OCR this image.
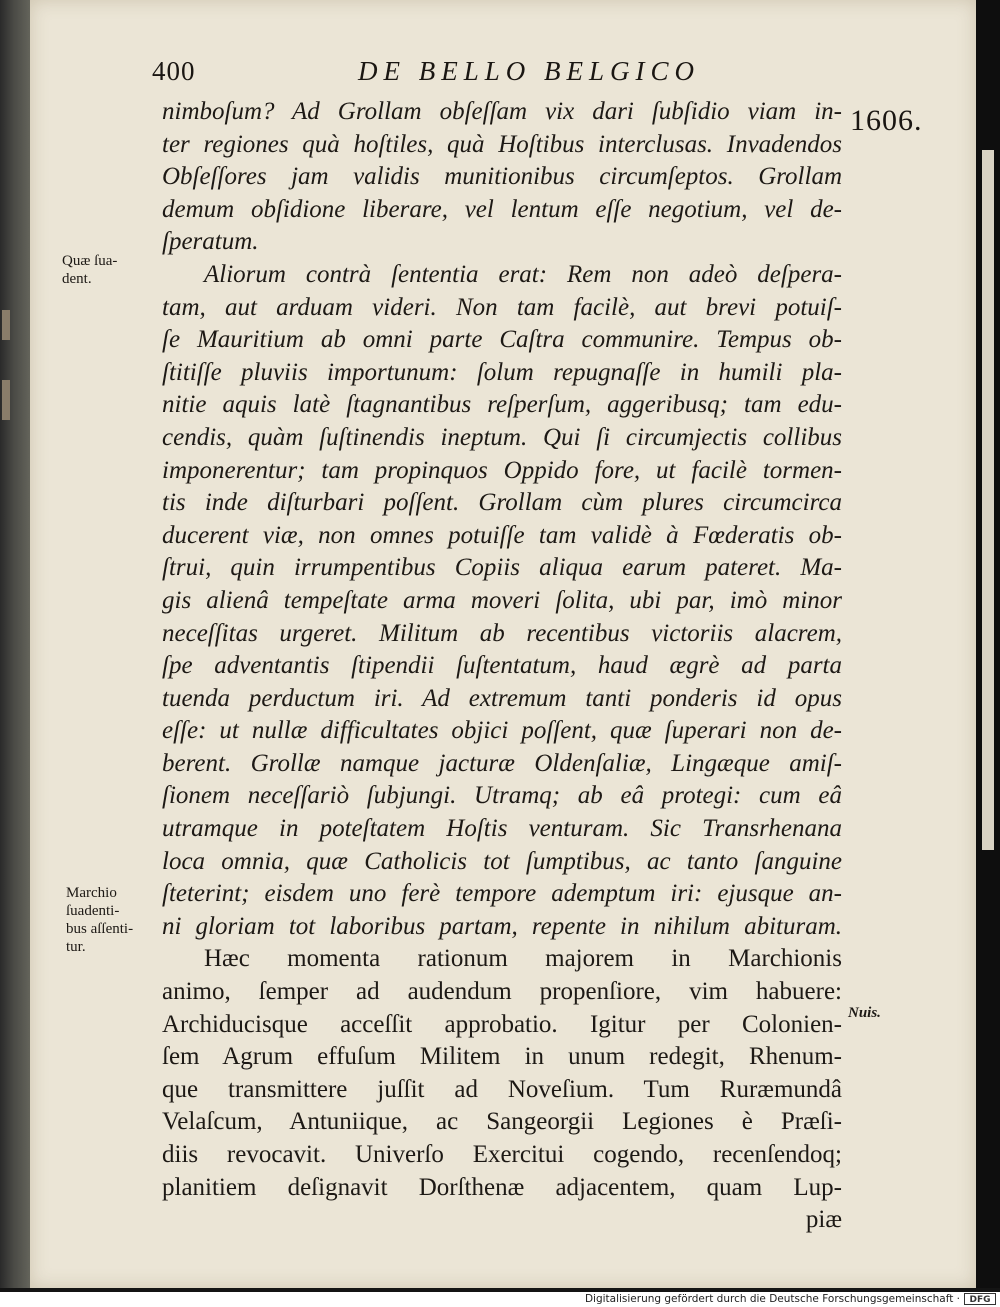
400	DE BELLO BELGICO
1606.
Quæ ſua-
dent.
Marchio
ſuadenti-
bus aſſenti-
tur.
Nuis.
nimboſum? Ad Grollam obſeſſam vix dari ſubſidio viam in-
ter regiones quà hoſtiles, quà Hoſtibus interclusas. Invadendos
Obſeſſores jam validis munitionibus circumſeptos. Grollam
demum obſidione liberare, vel lentum eſſe negotium, vel de-
ſperatum.
Aliorum contrà ſententia erat: Rem non adeò deſpera-
tam, aut arduam videri. Non tam facilè, aut brevi potuiſ-
ſe Mauritium ab omni parte Caſtra communire. Tempus ob-
ſtitiſſe pluviis importunum: ſolum repugnaſſe in humili pla-
nitie aquis latè ſtagnantibus reſperſum, aggeribusq; tam edu-
cendis, quàm ſuſtinendis ineptum. Qui ſi circumjectis collibus
imponerentur; tam propinquos Oppido fore, ut facilè tormen-
tis inde diſturbari poſſent. Grollam cùm plures circumcirca
ducerent viæ, non omnes potuiſſe tam validè à Fœderatis ob-
ſtrui, quin irrumpentibus Copiis aliqua earum pateret. Ma-
gis alienâ tempeſtate arma moveri ſolita, ubi par, imò minor
neceſſitas urgeret. Militum ab recentibus victoriis alacrem,
ſpe adventantis ſtipendii ſuſtentatum, haud ægrè ad parta
tuenda perductum iri. Ad extremum tanti ponderis id opus
eſſe: ut nullæ difficultates objici poſſent, quæ ſuperari non de-
berent. Grollæ namque jacturæ Oldenſaliæ, Lingæque amiſ-
ſionem neceſſariò ſubjungi. Utramq; ab eâ protegi: cum eâ
utramque in poteſtatem Hoſtis venturam. Sic Transrhenana
loca omnia, quæ Catholicis tot ſumptibus, ac tanto ſanguine
ſteterint; eisdem uno ferè tempore ademptum iri: ejusque an-
ni gloriam tot laboribus partam, repente in nihilum abituram.
Hæc momenta rationum majorem in Marchionis
animo, ſemper ad audendum propenſiore, vim habuere:
Archiducisque acceſſit approbatio. Igitur per Colonien-
ſem Agrum effuſum Militem in unum redegit, Rhenum-
que transmittere juſſit ad Noveſium. Tum Ruræmundâ
Velaſcum, Antuniique, ac Sangeorgii Legiones è Præſi-
diis revocavit. Univerſo Exercitui cogendo, recenſendoq;
planitiem deſignavit Dorſthenæ adjacentem, quam Lup-
piæ
Digitalisierung gefördert durch die Deutsche Forschungsgemeinschaft ·	DFG
